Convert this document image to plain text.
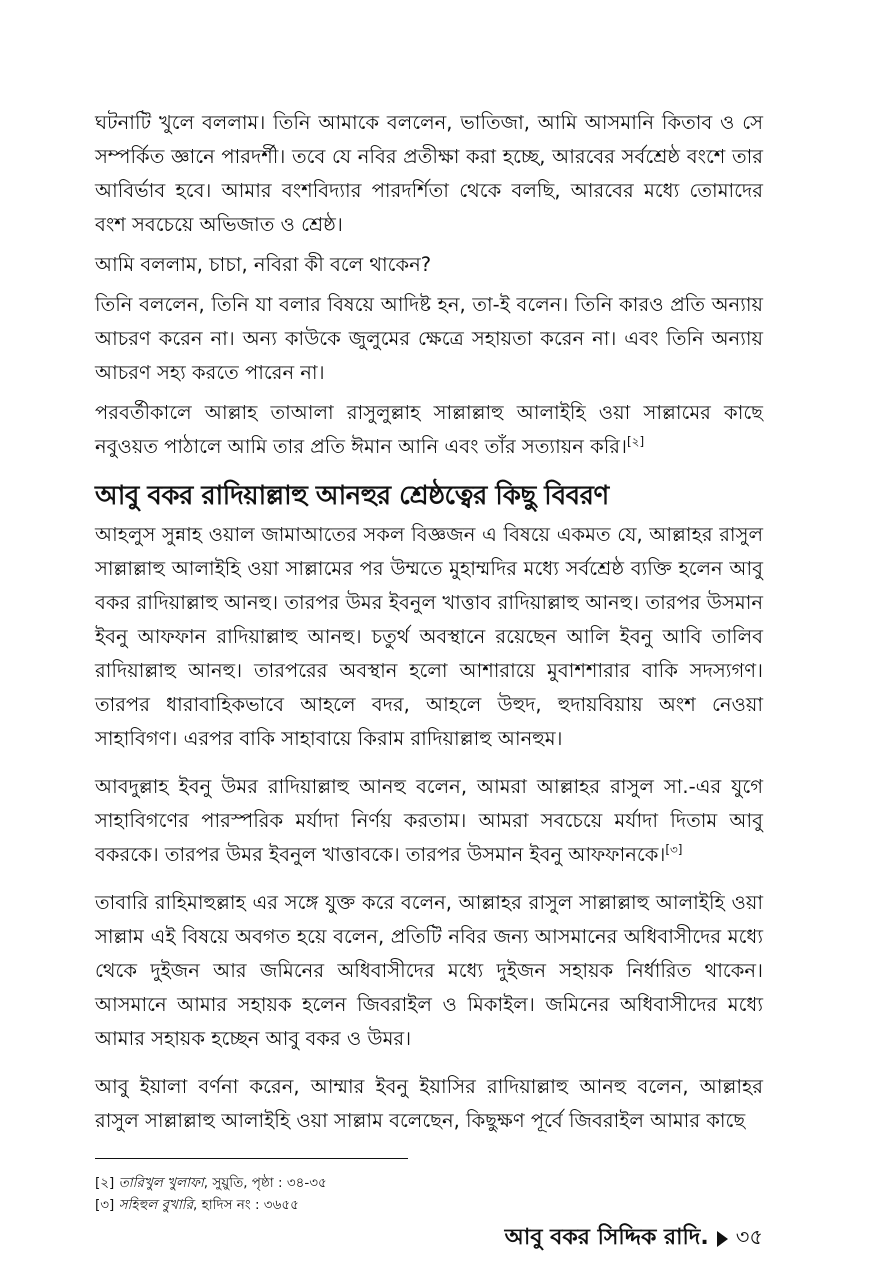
ঘটনাটি খুলে বললাম। তিনি আমাকে বললেন, ভাতিজা, আমি আসমানি কিতাব ও সে সম্পর্কিত জ্ঞানে পারদর্শী। তবে যে নবির প্রতীক্ষা করা হচ্ছে, আরবের সর্বশ্রেষ্ঠ বংশে তার আবির্ভাব হবে। আমার বংশবিদ্যার পারদর্শিতা থেকে বলছি, আরবের মধ্যে তোমাদের বংশ সবচেয়ে অভিজাত ও শ্রেষ্ঠ।

আমি বললাম, চাচা, নবিরা কী বলে থাকেন?

তিনি বললেন, তিনি যা বলার বিষয়ে আদিষ্ট হন, তা-ই বলেন। তিনি কারও প্রতি অন্যায় আচরণ করেন না। অন্য কাউকে জুলুমের ক্ষেত্রে সহায়তা করেন না। এবং তিনি অন্যায় আচরণ সহ্য করতে পারেন না।

পরবর্তীকালে আল্লাহ তাআলা রাসুলুল্লাহ সাল্লাল্লাহু আলাইহি ওয়া সাল্লামের কাছে নবুওয়ত পাঠালে আমি তার প্রতি ঈমান আনি এবং তাঁর সত্যায়ন করি।[২]

আবু বকর রাদিয়াল্লাহু আনহুর শ্রেষ্ঠত্বের কিছু বিবরণ

আহলুস সুন্নাহ ওয়াল জামাআতের সকল বিজ্ঞজন এ বিষয়ে একমত যে, আল্লাহর রাসুল সাল্লাল্লাহু আলাইহি ওয়া সাল্লামের পর উম্মতে মুহাম্মদির মধ্যে সর্বশ্রেষ্ঠ ব্যক্তি হলেন আবু বকর রাদিয়াল্লাহু আনহু। তারপর উমর ইবনুল খাত্তাব রাদিয়াল্লাহু আনহু। তারপর উসমান ইবনু আফফান রাদিয়াল্লাহু আনহু। চতুর্থ অবস্থানে রয়েছেন আলি ইবনু আবি তালিব রাদিয়াল্লাহু আনহু। তারপরের অবস্থান হলো আশারায়ে মুবাশশারার বাকি সদস্যগণ। তারপর ধারাবাহিকভাবে আহলে বদর, আহলে উহুদ, হুদায়বিয়ায় অংশ নেওয়া সাহাবিগণ। এরপর বাকি সাহাবায়ে কিরাম রাদিয়াল্লাহু আনহুম।

আবদুল্লাহ ইবনু উমর রাদিয়াল্লাহু আনহু বলেন, আমরা আল্লাহর রাসুল সা.-এর যুগে সাহাবিগণের পারস্পরিক মর্যাদা নির্ণয় করতাম। আমরা সবচেয়ে মর্যাদা দিতাম আবু বকরকে। তারপর উমর ইবনুল খাত্তাবকে। তারপর উসমান ইবনু আফফানকে।[৩]

তাবারি রাহিমাহুল্লাহ এর সঙ্গে যুক্ত করে বলেন, আল্লাহর রাসুল সাল্লাল্লাহু আলাইহি ওয়া সাল্লাম এই বিষয়ে অবগত হয়ে বলেন, প্রতিটি নবির জন্য আসমানের অধিবাসীদের মধ্যে থেকে দুইজন আর জমিনের অধিবাসীদের মধ্যে দুইজন সহায়ক নির্ধারিত থাকেন। আসমানে আমার সহায়ক হলেন জিবরাইল ও মিকাইল। জমিনের অধিবাসীদের মধ্যে আমার সহায়ক হচ্ছেন আবু বকর ও উমর।

আবু ইয়ালা বর্ণনা করেন, আম্মার ইবনু ইয়াসির রাদিয়াল্লাহু আনহু বলেন, আল্লাহর রাসুল সাল্লাল্লাহু আলাইহি ওয়া সাল্লাম বলেছেন, কিছুক্ষণ পূর্বে জিবরাইল আমার কাছে

[২] তারিখুল খুলাফা, সুয়ুতি, পৃষ্ঠা : ৩৪-৩৫

[৩] সহিহুল বুখারি, হাদিস নং : ৩৬৫৫

আবু বকর সিদ্দিক রাদি. ৩৫
